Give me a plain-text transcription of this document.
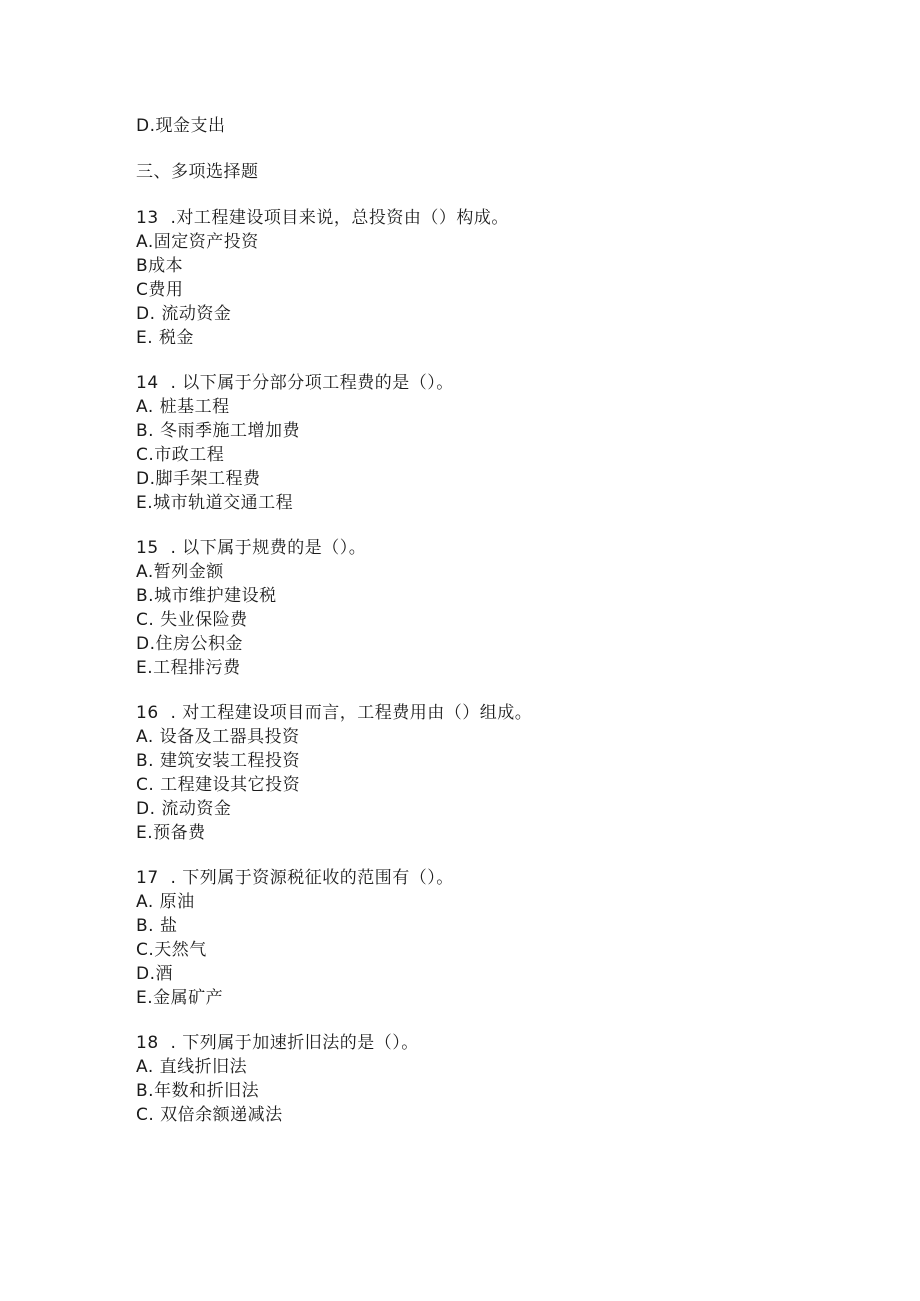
D.现金支出
三、多项选择题
13  .对工程建设项目来说，总投资由（）构成。
A.固定资产投资
B成本
C费用
D. 流动资金
E. 税金
14  . 以下属于分部分项工程费的是（）。
A. 桩基工程
B. 冬雨季施工增加费
C.市政工程
D.脚手架工程费
E.城市轨道交通工程
15  . 以下属于规费的是（）。
A.暂列金额
B.城市维护建设税
C. 失业保险费
D.住房公积金
E.工程排污费
16  . 对工程建设项目而言，工程费用由（）组成。
A. 设备及工器具投资
B. 建筑安装工程投资
C. 工程建设其它投资
D. 流动资金
E.预备费
17  . 下列属于资源税征收的范围有（）。
A. 原油
B. 盐
C.天然气
D.酒
E.金属矿产
18  . 下列属于加速折旧法的是（）。
A. 直线折旧法
B.年数和折旧法
C. 双倍余额递减法
